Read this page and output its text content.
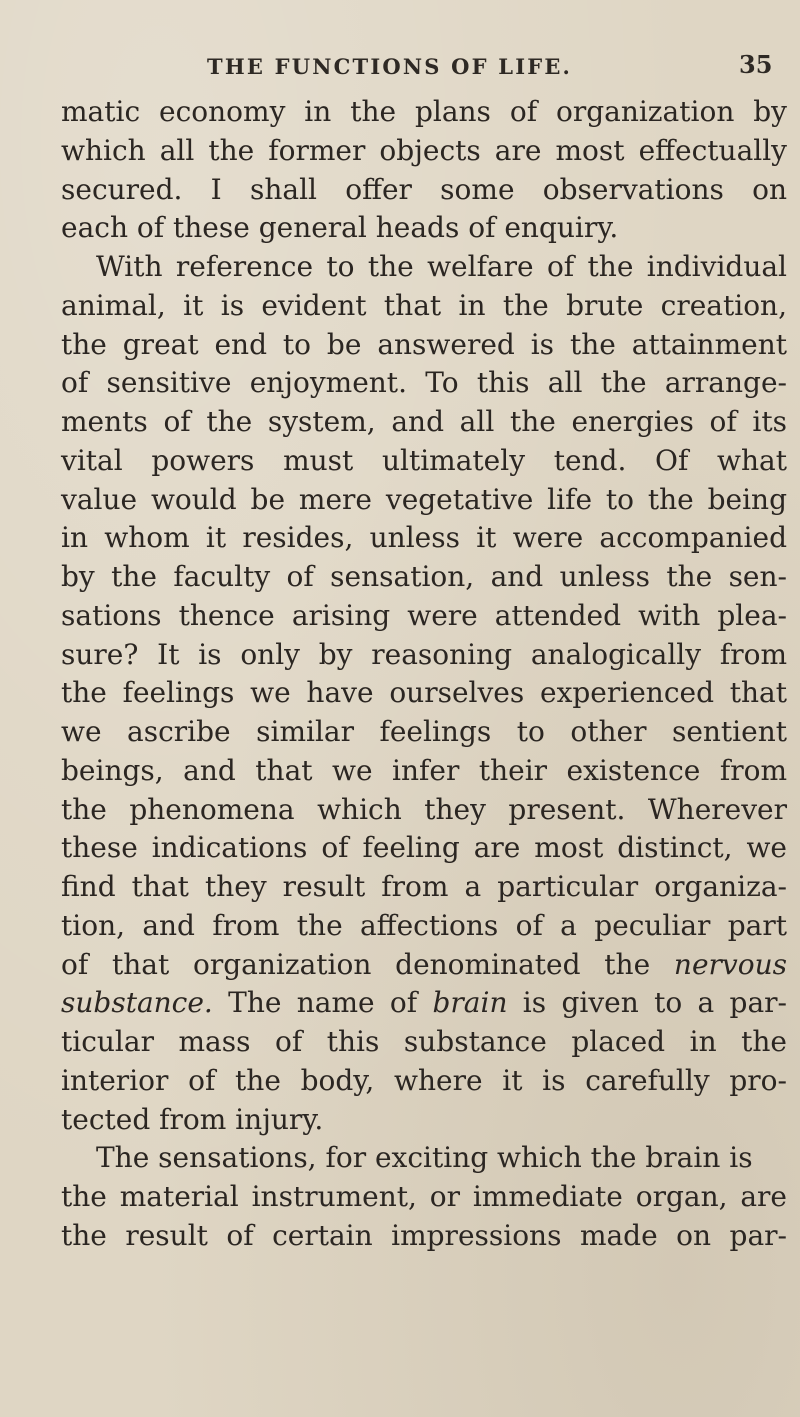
THE FUNCTIONS OF LIFE.	35
matic economy in the plans of organization by
which all the former objects are most effectually
secured. I shall offer some observations on
each of these general heads of enquiry.
With reference to the welfare of the individual
animal, it is evident that in the brute creation,
the great end to be answered is the attainment
of sensitive enjoyment. To this all the arrange-
ments of the system, and all the energies of its
vital powers must ultimately tend. Of what
value would be mere vegetative life to the being
in whom it resides, unless it were accompanied
by the faculty of sensation, and unless the sen-
sations thence arising were attended with plea-
sure? It is only by reasoning analogically from
the feelings we have ourselves experienced that
we ascribe similar feelings to other sentient
beings, and that we infer their existence from
the phenomena which they present. Wherever
these indications of feeling are most distinct, we
find that they result from a particular organiza-
tion, and from the affections of a peculiar part
of that organization denominated the nervous
substance. The name of brain is given to a par-
ticular mass of this substance placed in the
interior of the body, where it is carefully pro-
tected from injury.
The sensations, for exciting which the brain is
the material instrument, or immediate organ, are
the result of certain impressions made on par-
